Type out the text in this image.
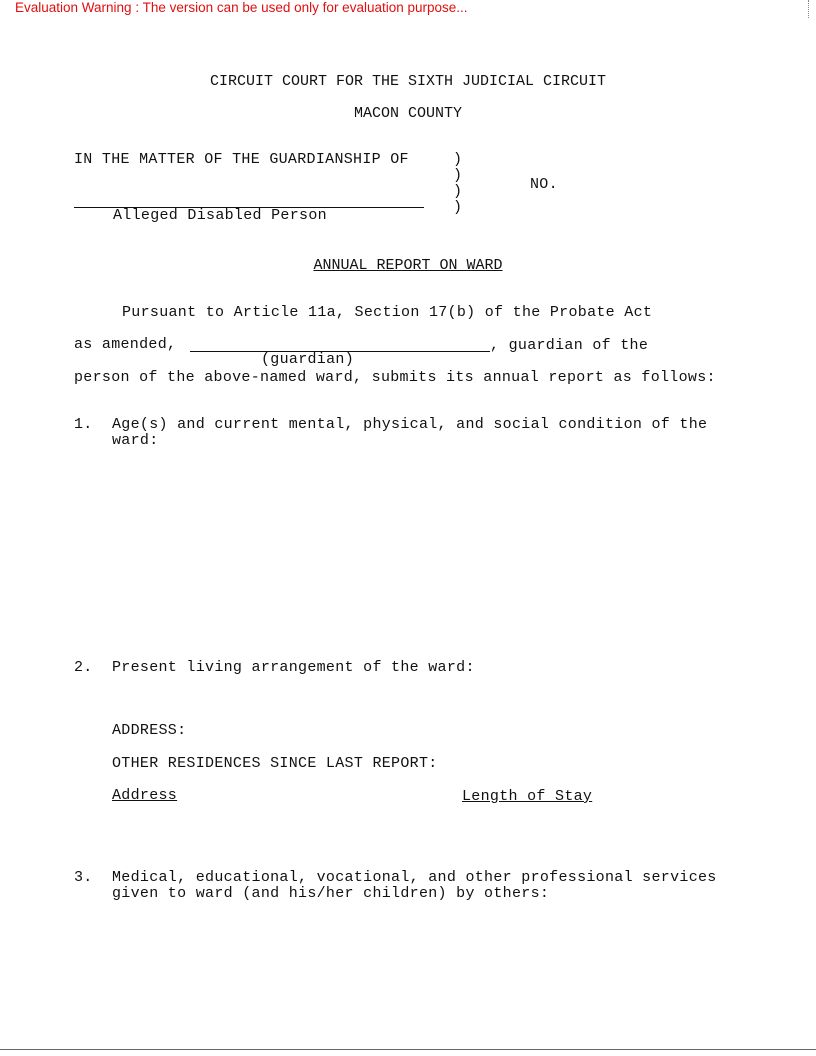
Evaluation Warning : The version can be used only for evaluation purpose...
CIRCUIT COURT FOR THE SIXTH JUDICIAL CIRCUIT
MACON COUNTY
IN THE MATTER OF THE GUARDIANSHIP OF	)
)
)
)
NO.
Alleged Disabled Person
ANNUAL REPORT ON WARD
Pursuant to Article 11a, Section 17(b) of the Probate Act
as amended,	, guardian of the
(guardian)
person of the above-named ward, submits its annual report as follows:
1. Age(s) and current mental, physical, and social condition of the
ward:
2. Present living arrangement of the ward:
ADDRESS:
OTHER RESIDENCES SINCE LAST REPORT:
Address	Length of Stay
3. Medical, educational, vocational, and other professional services
given to ward (and his/her children) by others:
